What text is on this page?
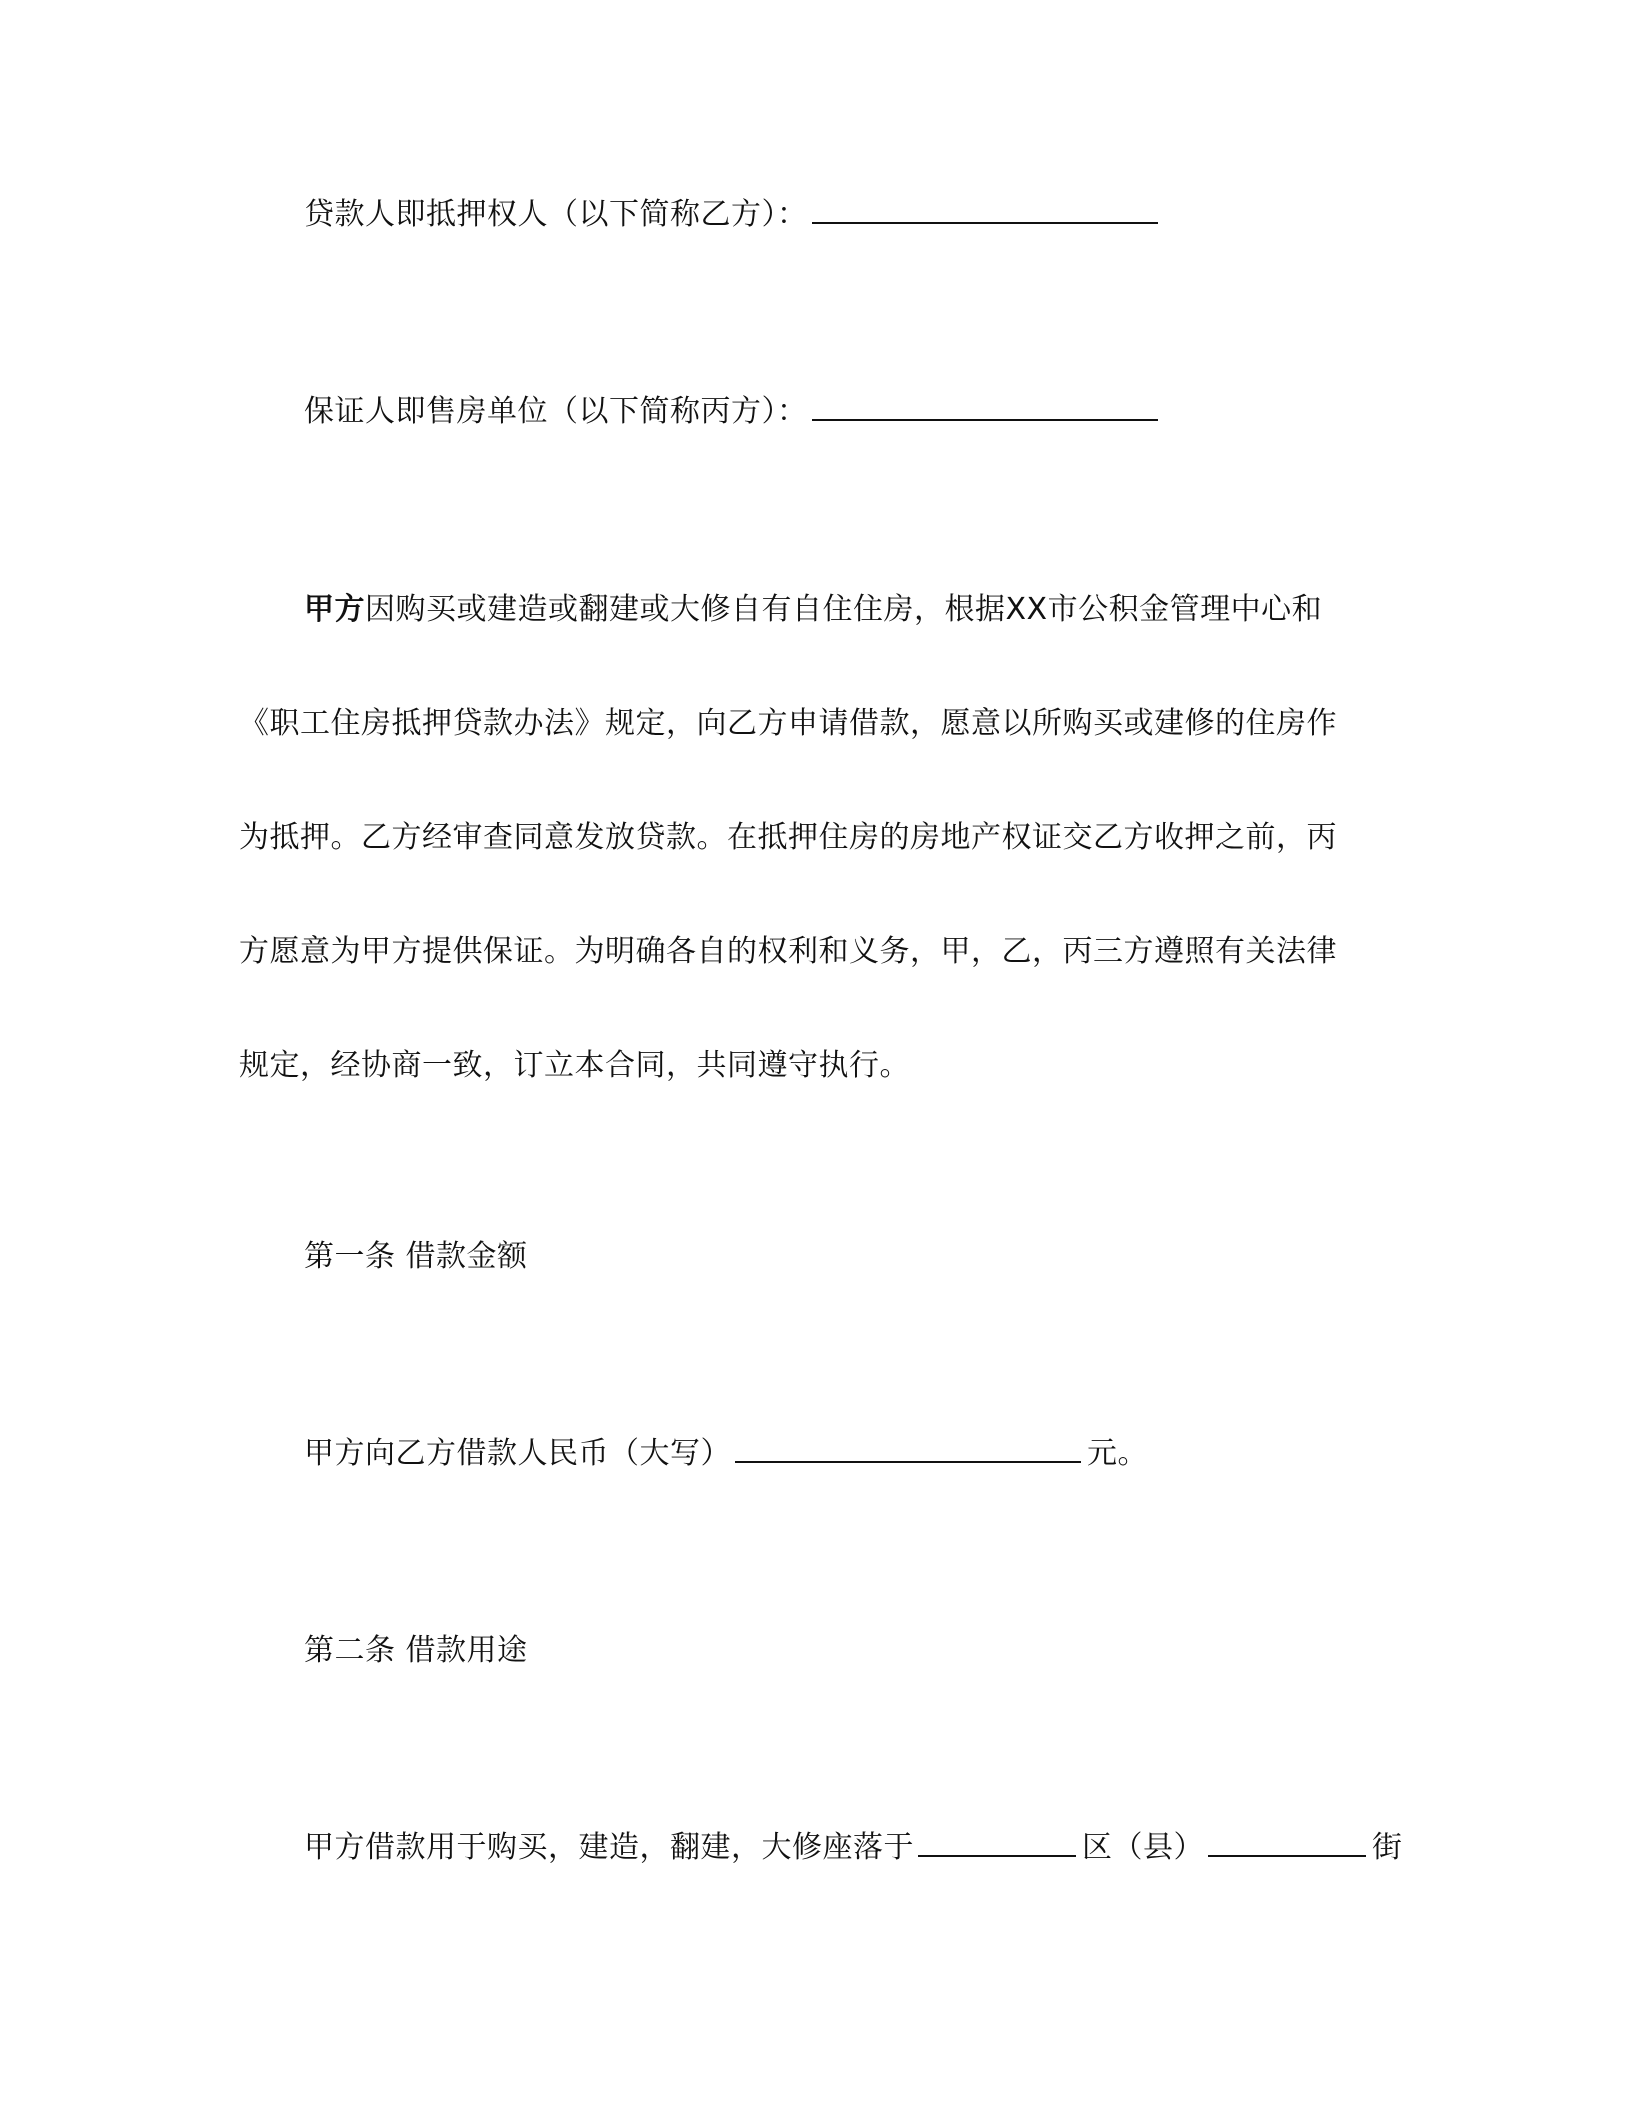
贷款人即抵押权人（以下简称乙方）：
保证人即售房单位（以下简称丙方）：
甲方因购买或建造或翻建或大修自有自住住房，根据XX市公积金管理中心和
《职工住房抵押贷款办法》规定，向乙方申请借款，愿意以所购买或建修的住房作
为抵押。乙方经审查同意发放贷款。在抵押住房的房地产权证交乙方收押之前，丙
方愿意为甲方提供保证。为明确各自的权利和义务，甲，乙，丙三方遵照有关法律
规定，经协商一致，订立本合同，共同遵守执行。
第一条 借款金额
甲方向乙方借款人民币（大写）	元。
第二条 借款用途
甲方借款用于购买，建造，翻建，大修座落于	区（县）	街
